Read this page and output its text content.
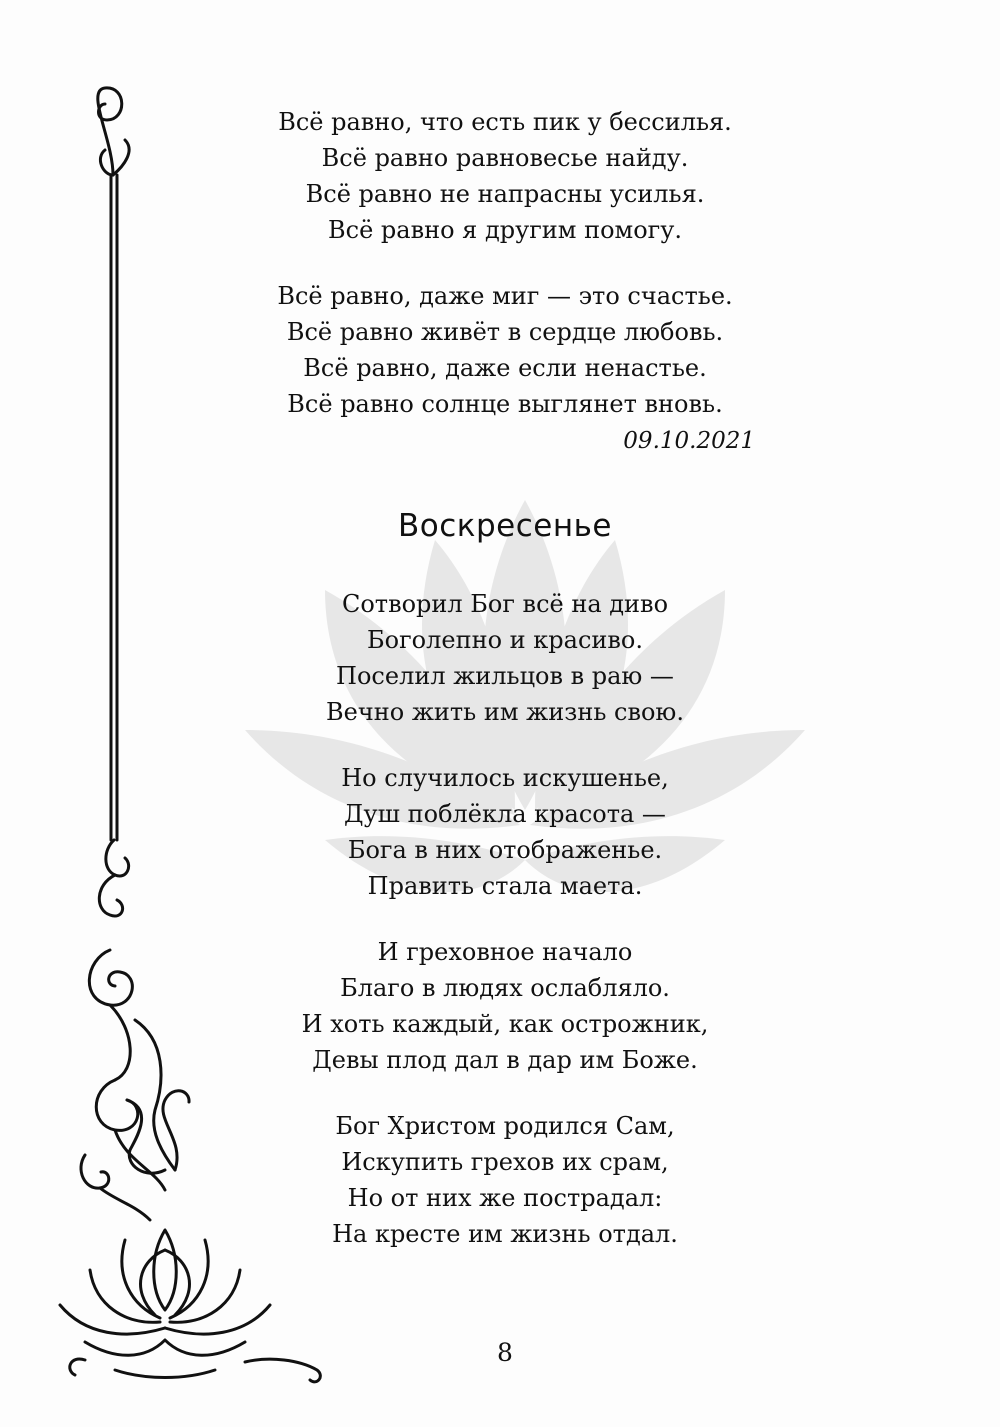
Всё равно, что есть пик у бессилья.

Всё равно равновесье найду.

Всё равно не напрасны усилья.

Всё равно я другим помогу.

Всё равно, даже миг — это счастье.

Всё равно живёт в сердце любовь.

Всё равно, даже если ненастье.

Всё равно солнце выглянет вновь.

09.10.2021
Воскресенье

Сотворил Бог всё на диво

Боголепно и красиво.

Поселил жильцов в раю —

Вечно жить им жизнь свою.

Но случилось искушенье,

Душ поблёкла красота —

Бога в них отображенье.

Править стала маета.

И греховное начало

Благо в людях ослабляло.

И хоть каждый, как острожник,

Девы плод дал в дар им Боже.

Бог Христом родился Сам,

Искупить грехов их срам,

Но от них же пострадал:

На кресте им жизнь отдал.

8
